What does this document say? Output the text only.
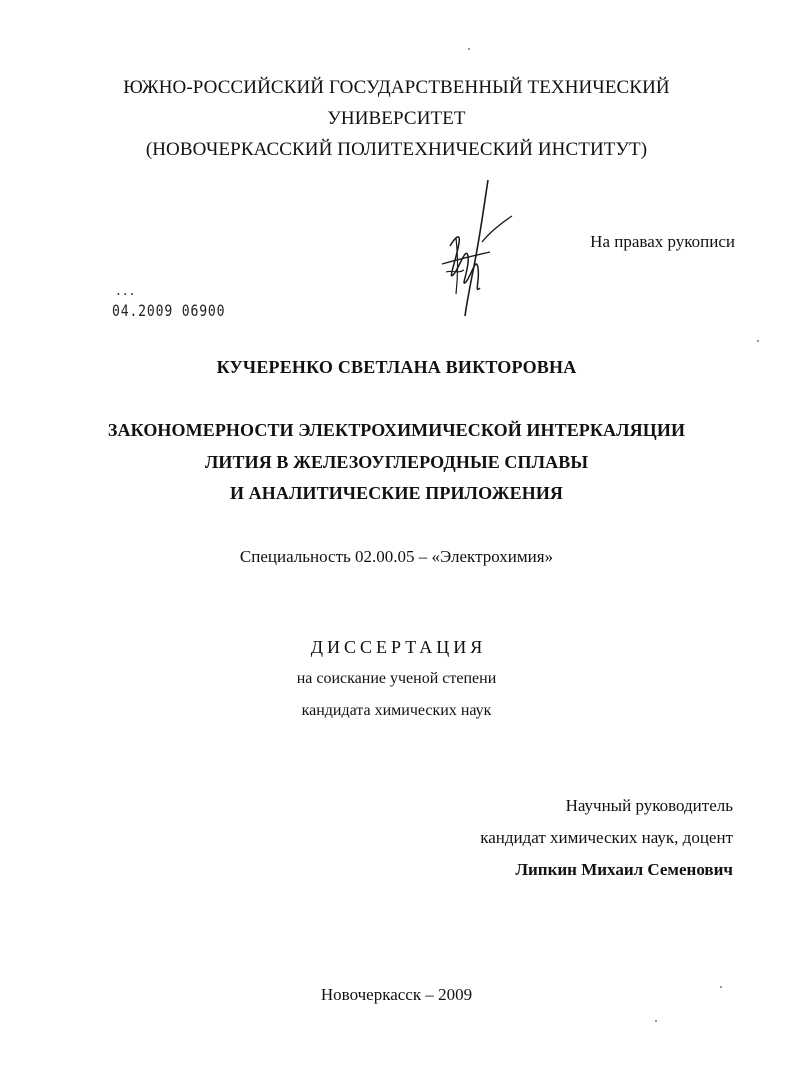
ЮЖНО-РОССИЙСКИЙ ГОСУДАРСТВЕННЫЙ ТЕХНИЧЕСКИЙ
УНИВЕРСИТЕТ
(НОВОЧЕРКАССКИЙ ПОЛИТЕХНИЧЕСКИЙ ИНСТИТУТ)
На правах рукописи
• • •
04.2009 06900
КУЧЕРЕНКО СВЕТЛАНА ВИКТОРОВНА
ЗАКОНОМЕРНОСТИ ЭЛЕКТРОХИМИЧЕСКОЙ ИНТЕРКАЛЯЦИИ
ЛИТИЯ В ЖЕЛЕЗОУГЛЕРОДНЫЕ СПЛАВЫ
И АНАЛИТИЧЕСКИЕ ПРИЛОЖЕНИЯ
Специальность 02.00.05 – «Электрохимия»
ДИССЕРТАЦИЯ
на соискание ученой степени
кандидата химических наук
Научный руководитель
кандидат химических наук, доцент
Липкин Михаил Семенович
Новочеркасск – 2009
